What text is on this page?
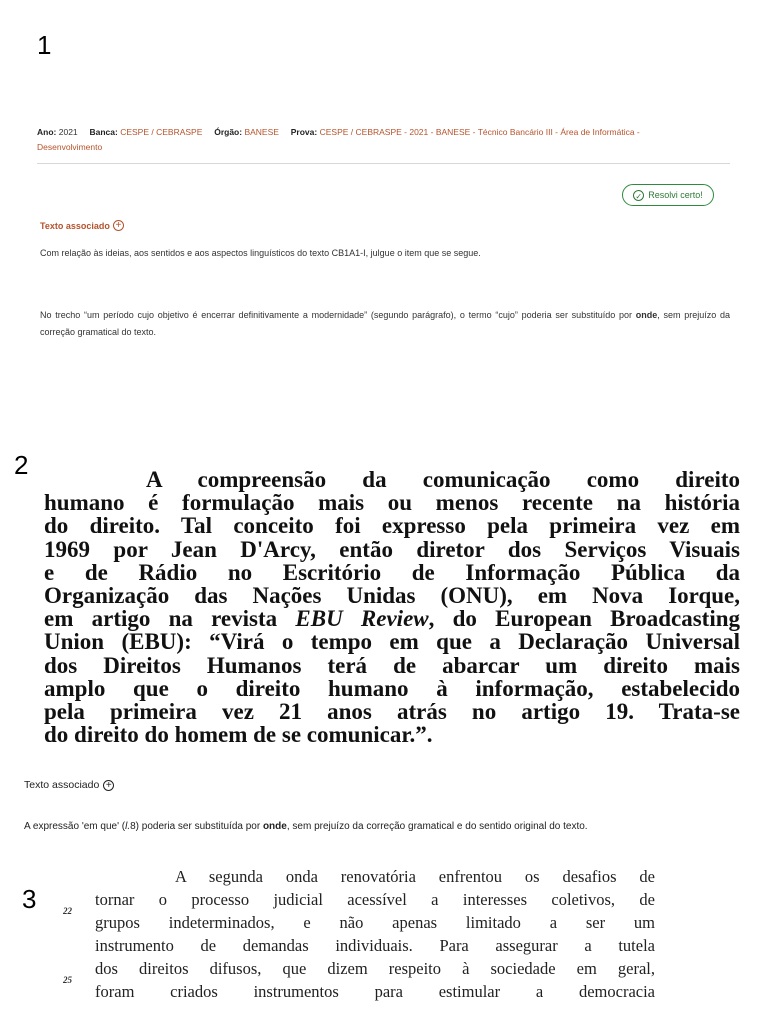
1
Ano: 2021 Banca: CESPE / CEBRASPE Órgão: BANESE Prova: CESPE / CEBRASPE - 2021 - BANESE - Técnico Bancário III - Área de Informática -
Desenvolvimento
✓ Resolvi certo!
Texto associado +
Com relação às ideias, aos sentidos e aos aspectos linguísticos do texto CB1A1-I, julgue o item que se segue.
No trecho “um período cujo objetivo é encerrar definitivamente a modernidade” (segundo parágrafo), o termo “cujo” poderia ser substituído por onde, sem prejuízo da correção gramatical do texto.
2	A compreensão da comunicação como direito
humano é formulação mais ou menos recente na história
do direito. Tal conceito foi expresso pela primeira vez em
1969 por Jean D'Arcy, então diretor dos Serviços Visuais
e de Rádio no Escritório de Informação Pública da
Organização das Nações Unidas (ONU), em Nova Iorque,
em artigo na revista EBU Review, do European Broadcasting
Union (EBU): “Virá o tempo em que a Declaração Universal
dos Direitos Humanos terá de abarcar um direito mais
amplo que o direito humano à informação, estabelecido
pela primeira vez 21 anos atrás no artigo 19. Trata-se
do direito do homem de se comunicar.”.
Texto associado +
A expressão 'em que' (l.8) poderia ser substituída por onde, sem prejuízo da correção gramatical e do sentido original do texto.
3	22
25
A segunda onda renovatória enfrentou os desafios de
tornar o processo judicial acessível a interesses coletivos, de
grupos indeterminados, e não apenas limitado a ser um
instrumento de demandas individuais. Para assegurar a tutela
dos direitos difusos, que dizem respeito à sociedade em geral,
foram criados instrumentos para estimular a democracia
